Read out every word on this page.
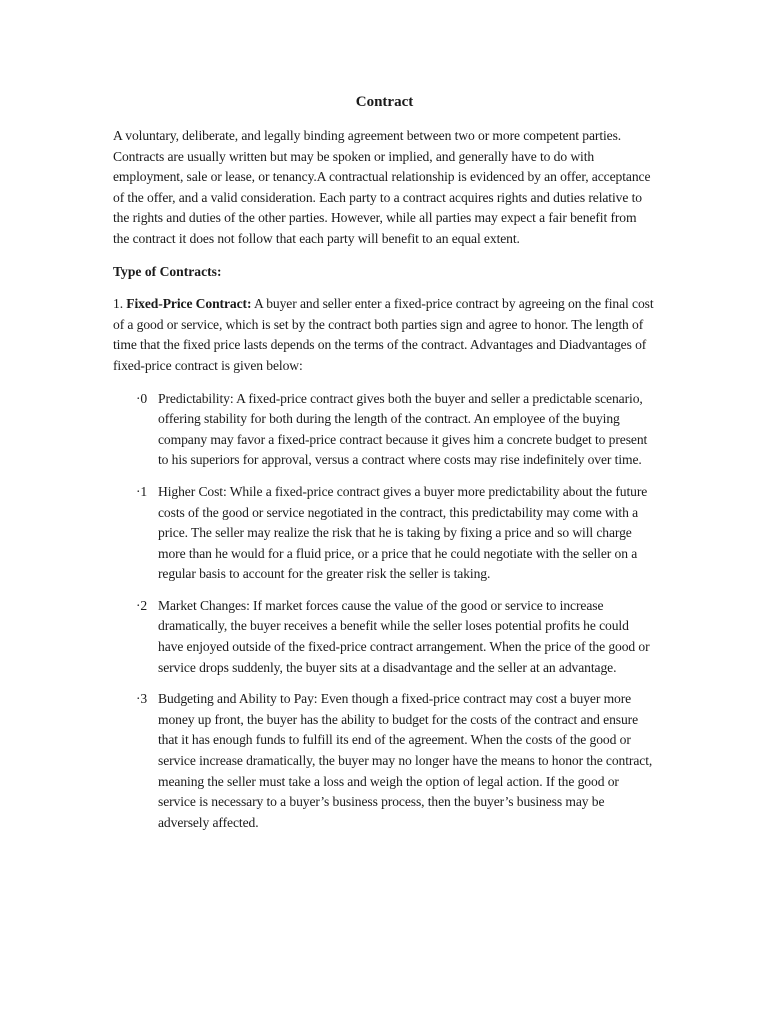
Contract

A voluntary, deliberate, and legally binding agreement between two or more competent parties. Contracts are usually written but may be spoken or implied, and generally have to do with employment, sale or lease, or tenancy.A contractual relationship is evidenced by an offer, acceptance of the offer, and a valid consideration. Each party to a contract acquires rights and duties relative to the rights and duties of the other parties. However, while all parties may expect a fair benefit from the contract it does not follow that each party will benefit to an equal extent.

Type of Contracts:

1. Fixed-Price Contract: A buyer and seller enter a fixed-price contract by agreeing on the final cost of a good or service, which is set by the contract both parties sign and agree to honor. The length of time that the fixed price lasts depends on the terms of the contract. Advantages and Diadvantages of fixed-price contract is given below:

·0 Predictability: A fixed-price contract gives both the buyer and seller a predictable scenario, offering stability for both during the length of the contract. An employee of the buying company may favor a fixed-price contract because it gives him a concrete budget to present to his superiors for approval, versus a contract where costs may rise indefinitely over time.
·1 Higher Cost: While a fixed-price contract gives a buyer more predictability about the future costs of the good or service negotiated in the contract, this predictability may come with a price. The seller may realize the risk that he is taking by fixing a price and so will charge more than he would for a fluid price, or a price that he could negotiate with the seller on a regular basis to account for the greater risk the seller is taking.
·2 Market Changes: If market forces cause the value of the good or service to increase dramatically, the buyer receives a benefit while the seller loses potential profits he could have enjoyed outside of the fixed-price contract arrangement. When the price of the good or service drops suddenly, the buyer sits at a disadvantage and the seller at an advantage.
·3 Budgeting and Ability to Pay: Even though a fixed-price contract may cost a buyer more money up front, the buyer has the ability to budget for the costs of the contract and ensure that it has enough funds to fulfill its end of the agreement. When the costs of the good or service increase dramatically, the buyer may no longer have the means to honor the contract, meaning the seller must take a loss and weigh the option of legal action. If the good or service is necessary to a buyer’s business process, then the buyer’s business may be adversely affected.
